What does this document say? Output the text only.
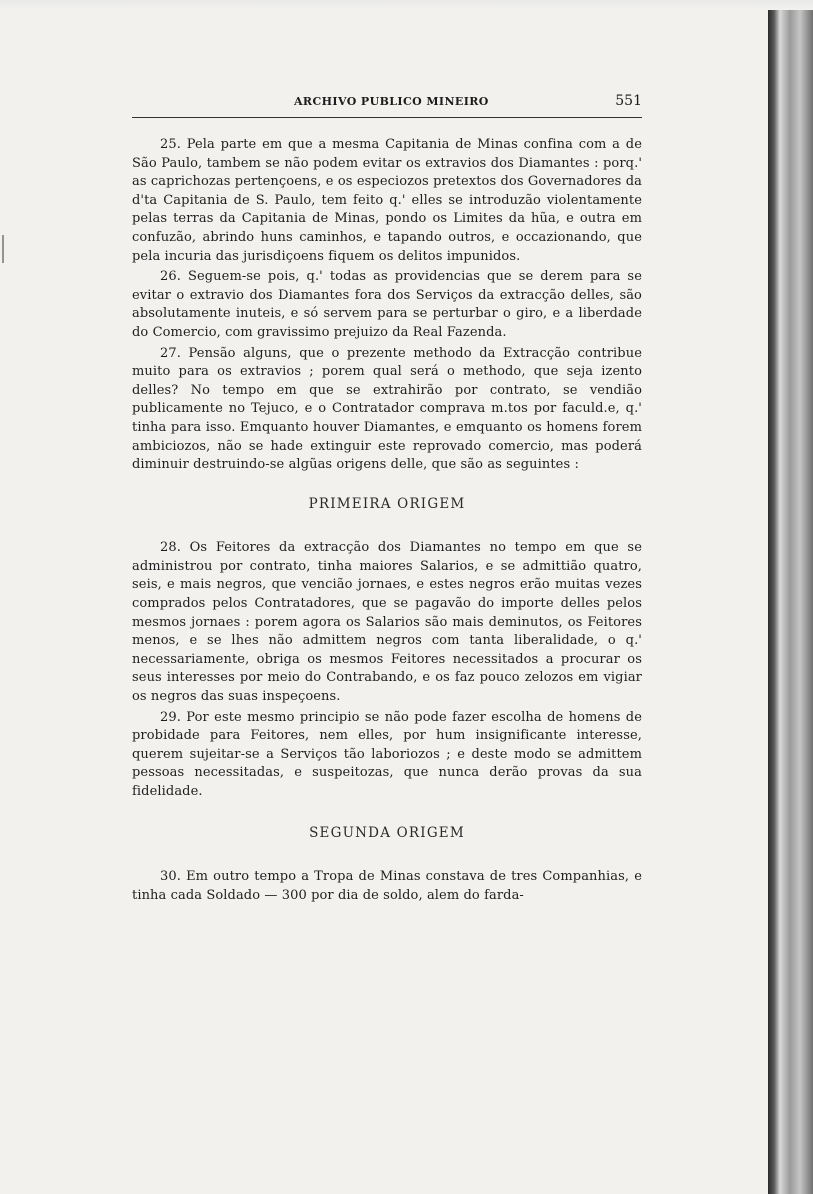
ARCHIVO PUBLICO MINEIRO	551

25. Pela parte em que a mesma Capitania de Minas confina com a de São Paulo, tambem se não podem evitar os extravios dos Diamantes : porq.' as caprichozas pertençoens, e os especiozos pretextos dos Governadores da d'ta Capitania de S. Paulo, tem feito q.' elles se introduzão violentamente pelas terras da Capitania de Minas, pondo os Limites da hũa, e outra em confuzão, abrindo huns caminhos, e tapando outros, e occazionando, que pela incuria das jurisdiçoens fiquem os delitos impunidos.

26. Seguem-se pois, q.' todas as providencias que se derem para se evitar o extravio dos Diamantes fora dos Serviços da extracção delles, são absolutamente inuteis, e só servem para se perturbar o giro, e a liberdade do Comercio, com gravissimo prejuizo da Real Fazenda.

27. Pensão alguns, que o prezente methodo da Extracção contribue muito para os extravios ; porem qual será o methodo, que seja izento delles? No tempo em que se extrahirão por contrato, se vendião publicamente no Tejuco, e o Contratador comprava m.tos por faculd.e, q.' tinha para isso. Emquanto houver Diamantes, e emquanto os homens forem ambiciozos, não se hade extinguir este reprovado comercio, mas poderá diminuir destruindo-se algũas origens delle, que são as seguintes :

PRIMEIRA ORIGEM

28. Os Feitores da extracção dos Diamantes no tempo em que se administrou por contrato, tinha maiores Salarios, e se admittião quatro, seis, e mais negros, que vencião jornaes, e estes negros erão muitas vezes comprados pelos Contratadores, que se pagavão do importe delles pelos mesmos jornaes : porem agora os Salarios são mais deminutos, os Feitores menos, e se lhes não admittem negros com tanta liberalidade, o q.' necessariamente, obriga os mesmos Feitores necessitados a procurar os seus interesses por meio do Contrabando, e os faz pouco zelozos em vigiar os negros das suas inspeçoens.

29. Por este mesmo principio se não pode fazer escolha de homens de probidade para Feitores, nem elles, por hum insignificante interesse, querem sujeitar-se a Serviços tão laboriozos ; e deste modo se admittem pessoas necessitadas, e suspeitozas, que nunca derão provas da sua fidelidade.

SEGUNDA ORIGEM

30. Em outro tempo a Tropa de Minas constava de tres Companhias, e tinha cada Soldado — 300 por dia de soldo, alem do farda-
